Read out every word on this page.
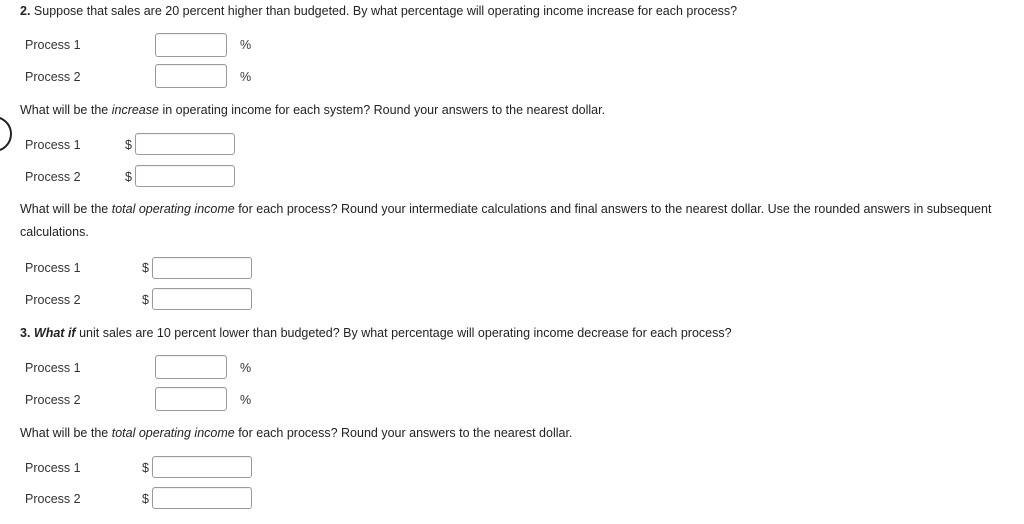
2. Suppose that sales are 20 percent higher than budgeted. By what percentage will operating income increase for each process?
Process 1	%
Process 2	%
What will be the increase in operating income for each system? Round your answers to the nearest dollar.
Process 1	$
Process 2	$
What will be the total operating income for each process? Round your intermediate calculations and final answers to the nearest dollar. Use the rounded answers in subsequent calculations.
Process 1	$
Process 2	$
3. What if unit sales are 10 percent lower than budgeted? By what percentage will operating income decrease for each process?
Process 1	%
Process 2	%
What will be the total operating income for each process? Round your answers to the nearest dollar.
Process 1	$
Process 2	$
